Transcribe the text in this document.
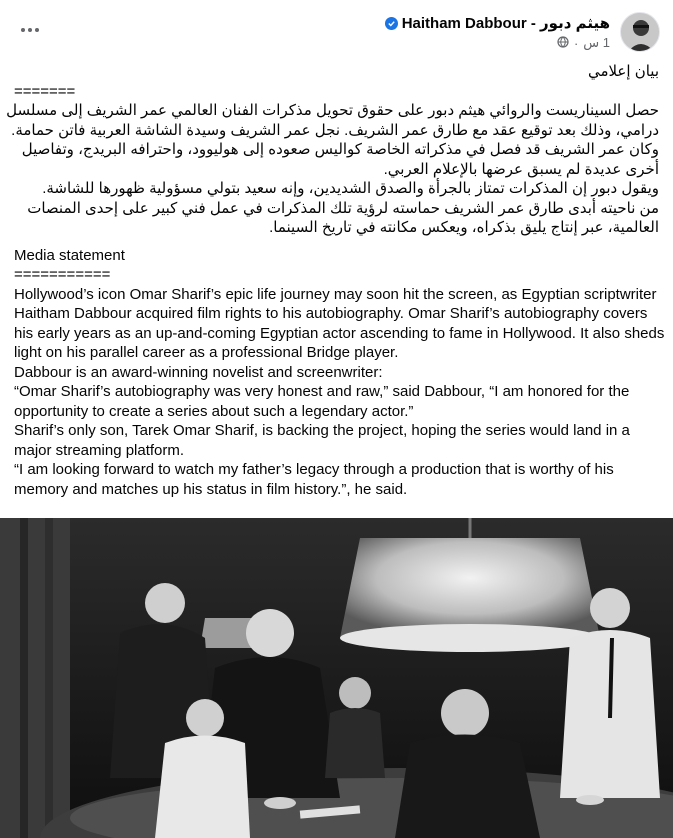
Haitham Dabbour - هيثم دبور
1 س
·
بيان إعلامي
=======
حصل السيناريست والروائي هيثم دبور على حقوق تحويل مذكرات الفنان العالمي عمر الشريف إلى مسلسل
درامي، وذلك بعد توقيع عقد مع طارق عمر الشريف. نجل عمر الشريف وسيدة الشاشة العربية فاتن حمامة.
وكان عمر الشريف قد فصل في مذكراته الخاصة كواليس صعوده إلى هوليوود، واحترافه البريدج، وتفاصيل
أخرى عديدة لم يسبق عرضها بالإعلام العربي.
ويقول دبور إن المذكرات تمتاز بالجرأة والصدق الشديدين، وإنه سعيد بتولي مسؤولية ظهورها للشاشة.
من ناحيته أبدى طارق عمر الشريف حماسته لرؤية تلك المذكرات في عمل فني كبير على إحدى المنصات
العالمية، عبر إنتاج يليق بذكراه، ويعكس مكانته في تاريخ السينما.
Media statement
===========
Hollywood’s icon Omar Sharif’s epic life journey may soon hit the screen, as Egyptian scriptwriter
Haitham Dabbour acquired film rights to his autobiography. Omar Sharif’s autobiography covers
his early years as an up-and-coming Egyptian actor ascending to fame in Hollywood. It also sheds
light on his parallel career as a professional Bridge player.
Dabbour is an award-winning novelist and screenwriter:
“Omar Sharif’s autobiography was very honest and raw,” said Dabbour, “I am honored for the
opportunity to create a series about such a legendary actor.”
Sharif’s only son, Tarek Omar Sharif, is backing the project, hoping the series would land in a
major streaming platform.
“I am looking forward to watch my father’s legacy through a production that is worthy of his
memory and matches up his status in film history.”, he said.
